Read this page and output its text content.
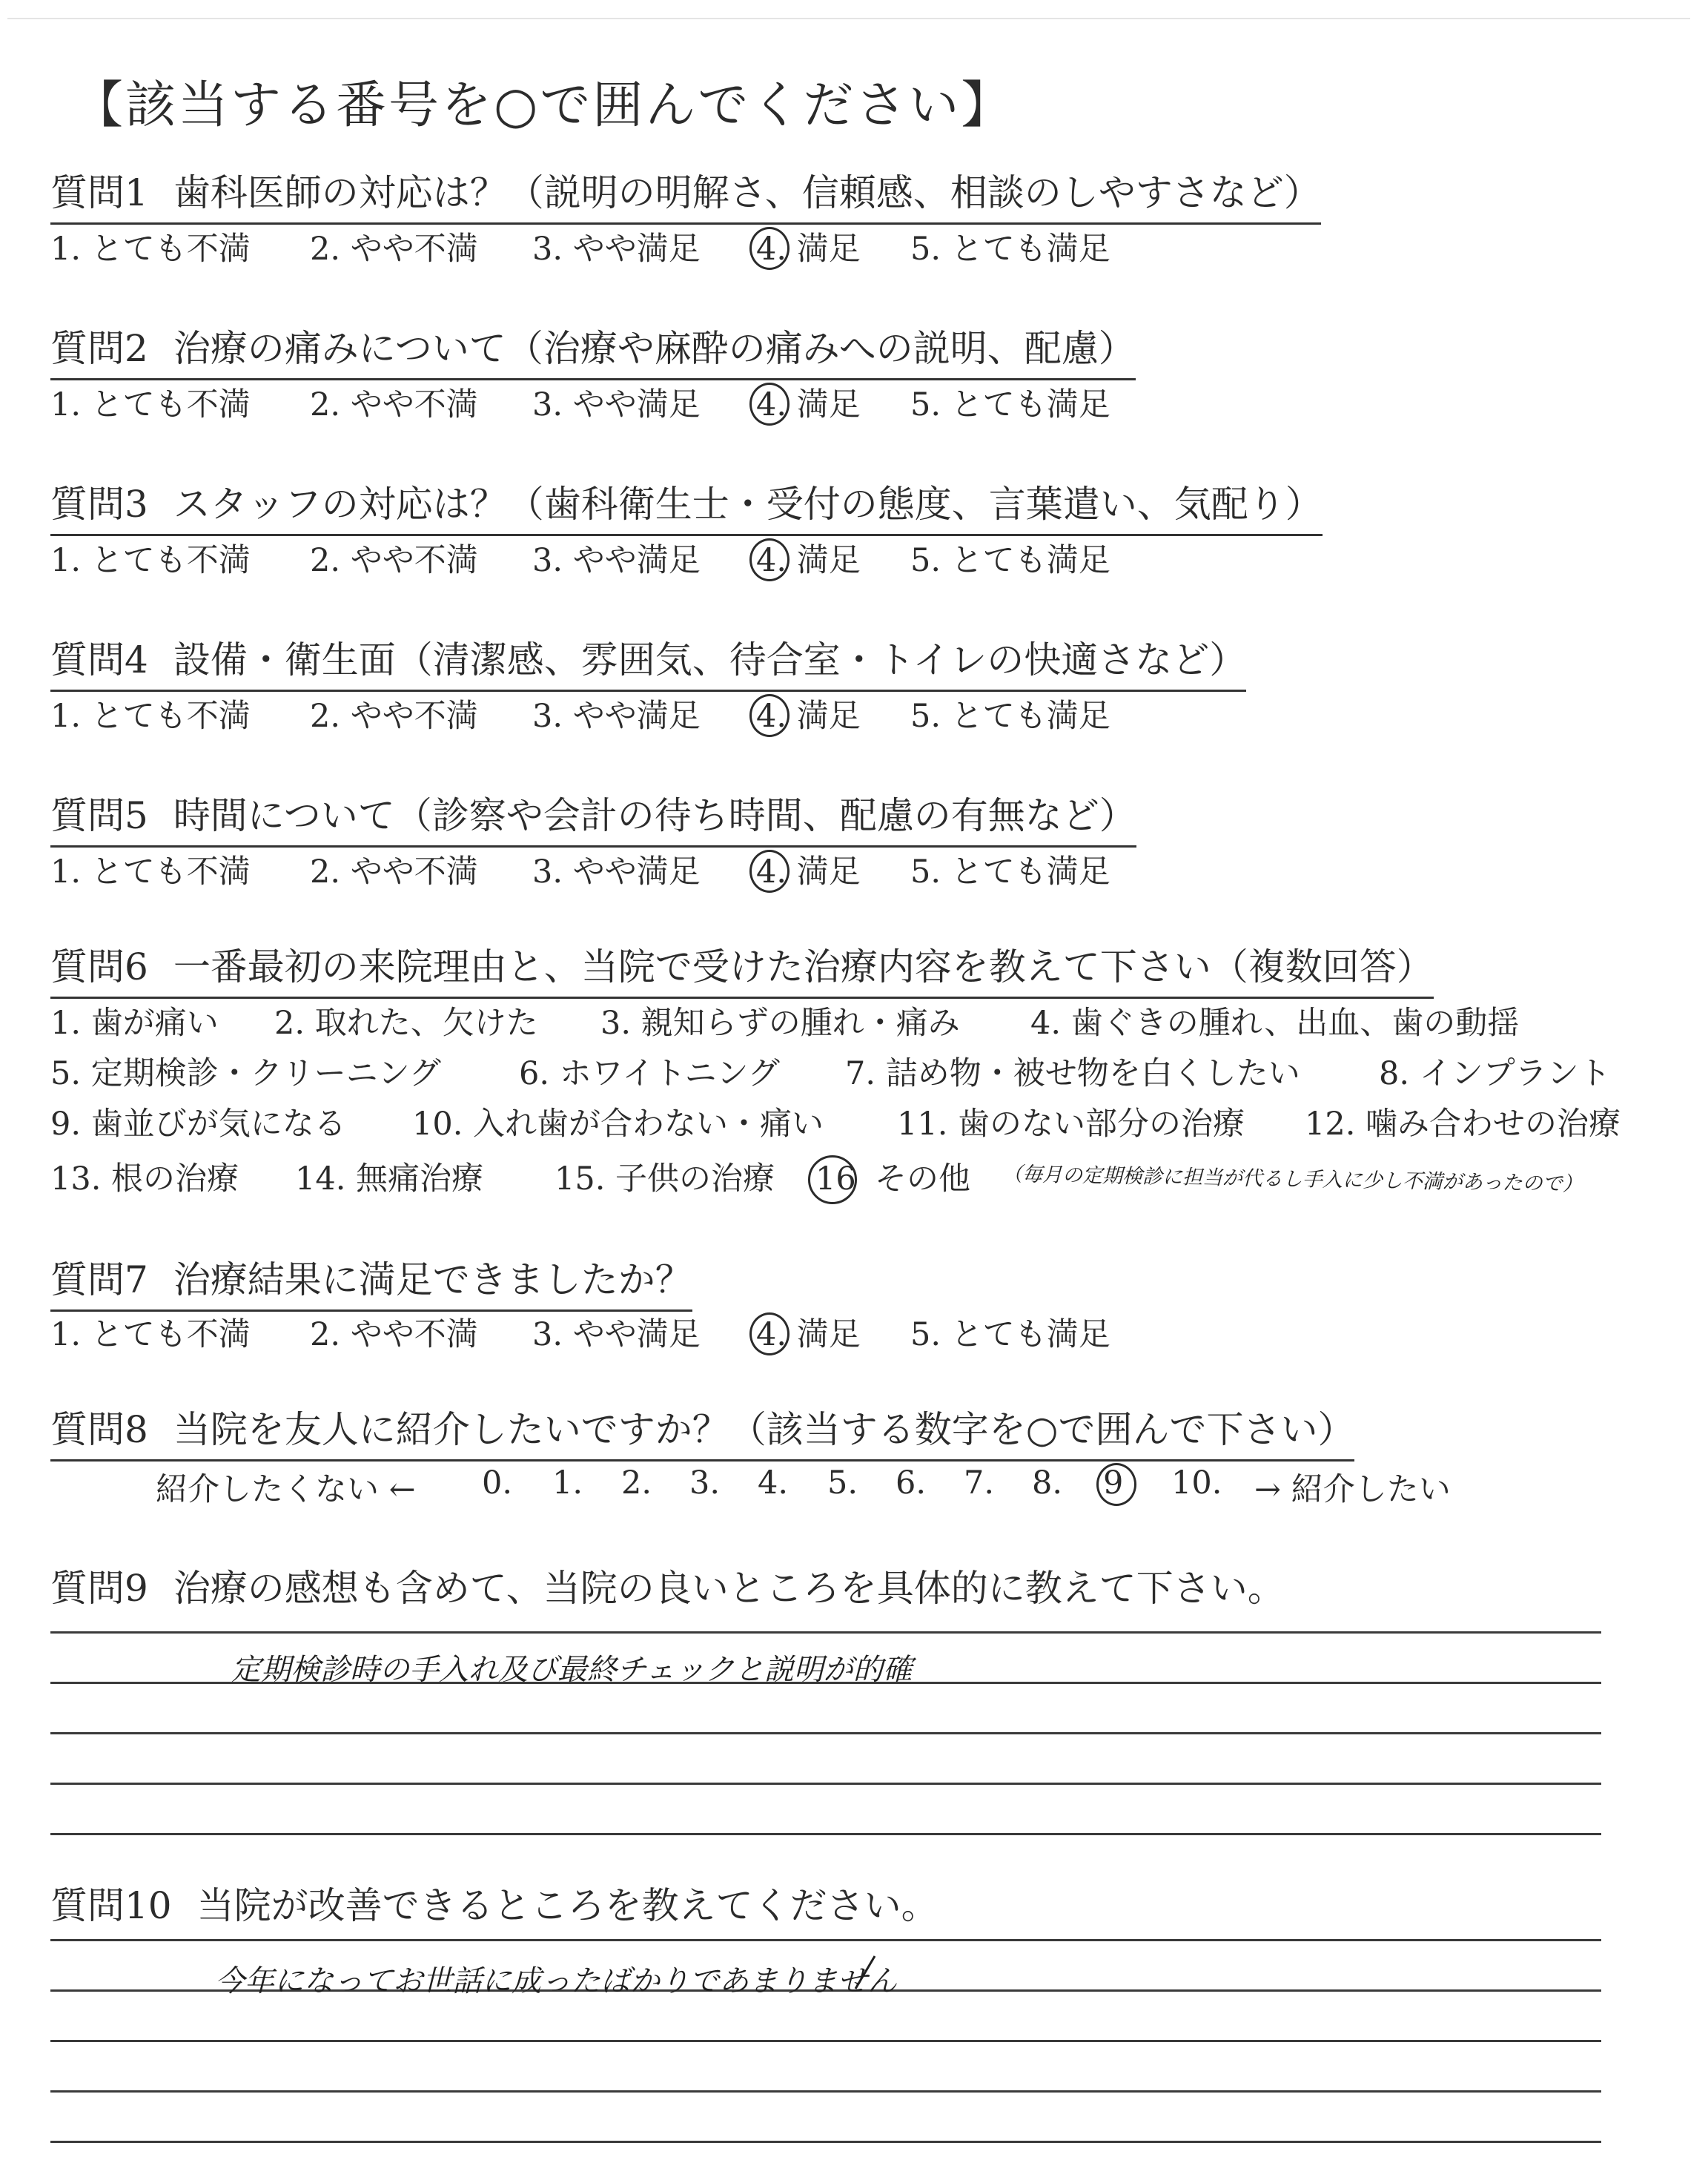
【該当する番号を○で囲んでください】
質問1 歯科医師の対応は？（説明の明解さ、信頼感、相談のしやすさなど）
1. とても不満 2. やや不満 3. やや満足 4. 満足 5. とても満足
質問2 治療の痛みについて（治療や麻酔の痛みへの説明、配慮）
1. とても不満 2. やや不満 3. やや満足 4. 満足 5. とても満足
質問3 スタッフの対応は？（歯科衛生士・受付の態度、言葉遣い、気配り）
1. とても不満 2. やや不満 3. やや満足 4. 満足 5. とても満足
質問4 設備・衛生面（清潔感、雰囲気、待合室・トイレの快適さなど）
1. とても不満 2. やや不満 3. やや満足 4. 満足 5. とても満足
質問5 時間について（診察や会計の待ち時間、配慮の有無など）
1. とても不満 2. やや不満 3. やや満足 4. 満足 5. とても満足
質問6 一番最初の来院理由と、当院で受けた治療内容を教えて下さい（複数回答）
1. 歯が痛い 2. 取れた、欠けた 3. 親知らずの腫れ・痛み 4. 歯ぐきの腫れ、出血、歯の動揺
5. 定期検診・クリーニング 6. ホワイトニング 7. 詰め物・被せ物を白くしたい 8. インプラント
9. 歯並びが気になる 10. 入れ歯が合わない・痛い 11. 歯のない部分の治療 12. 噛み合わせの治療
13. 根の治療 14. 無痛治療 15. 子供の治療 16 その他 （毎月の定期検診に担当が代るし手入に少し不満があったので）
質問7 治療結果に満足できましたか？
1. とても不満 2. やや不満 3. やや満足 4. 満足 5. とても満足
質問8 当院を友人に紹介したいですか？（該当する数字を○で囲んで下さい）
紹介したくない ← 0. 1. 2. 3. 4. 5. 6. 7. 8. 9 10. → 紹介したい
質問9 治療の感想も含めて、当院の良いところを具体的に教えて下さい。
定期検診時の手入れ及び最終チェックと説明が的確
質問10 当院が改善できるところを教えてください。
今年になってお世話に成ったばかりであまりません
